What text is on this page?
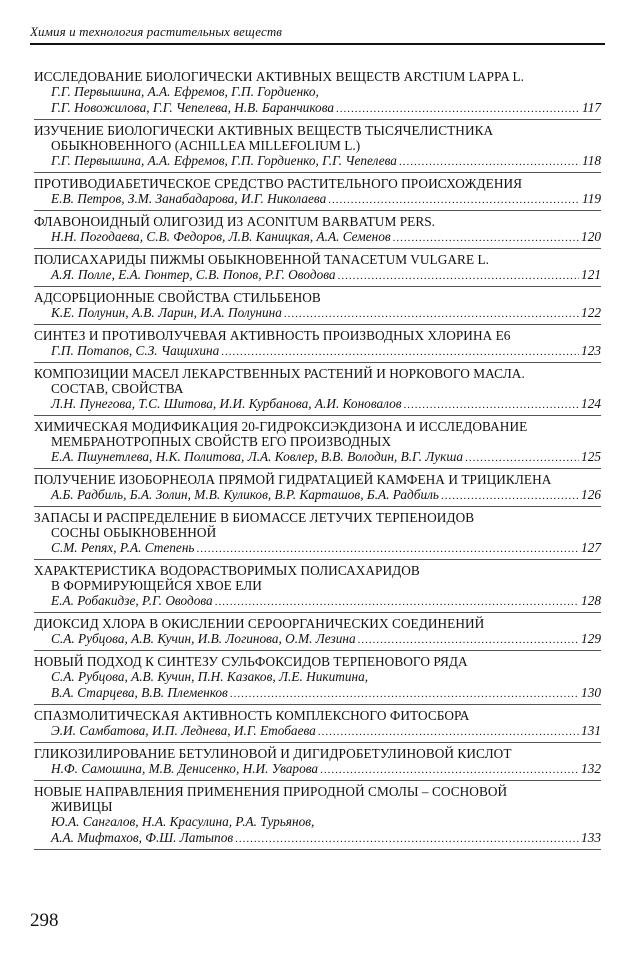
Химия и технология растительных веществ
ИССЛЕДОВАНИЕ БИОЛОГИЧЕСКИ АКТИВНЫХ ВЕЩЕСТВ ARCTIUM LAPPA L.
Г.Г. Первышина, А.А. Ефремов, Г.П. Гордиенко,
Г.Г. Новожилова, Г.Г. Чепелева, Н.В. Баранчикова .....	117
ИЗУЧЕНИЕ БИОЛОГИЧЕСКИ АКТИВНЫХ ВЕЩЕСТВ ТЫСЯЧЕЛИСТНИКА
ОБЫКНОВЕННОГО (ACHILLEA MILLEFOLIUM L.)
Г.Г. Первышина, А.А. Ефремов, Г.П. Гордиенко, Г.Г. Чепелева .....	118
ПРОТИВОДИАБЕТИЧЕСКОЕ СРЕДСТВО РАСТИТЕЛЬНОГО ПРОИСХОЖДЕНИЯ
Е.В. Петров, З.М. Занабадарова, И.Г. Николаева .....	119
ФЛАВОНОИДНЫЙ ОЛИГОЗИД ИЗ ACONITUM BARBATUM PERS.
Н.Н. Погодаева, С.В. Федоров, Л.В. Каницкая, А.А. Семенов .....	120
ПОЛИСАХАРИДЫ ПИЖМЫ ОБЫКНОВЕННОЙ TANACETUM VULGARE L.
А.Я. Полле, Е.А. Гюнтер, С.В. Попов, Р.Г. Оводова .....	121
АДСОРБЦИОННЫЕ СВОЙСТВА СТИЛЬБЕНОВ
К.Е. Полунин, А.В. Ларин, И.А. Полунина .....	122
СИНТЕЗ И ПРОТИВОЛУЧЕВАЯ АКТИВНОСТЬ ПРОИЗВОДНЫХ ХЛОРИНА Е6
Г.П. Потапов, С.З. Чащихина .....	123
КОМПОЗИЦИИ МАСЕЛ ЛЕКАРСТВЕННЫХ РАСТЕНИЙ И НОРКОВОГО МАСЛА.
СОСТАВ, СВОЙСТВА
Л.Н. Пунегова, Т.С. Шитова, И.И. Курбанова, А.И. Коновалов .....	124
ХИМИЧЕСКАЯ МОДИФИКАЦИЯ 20-ГИДРОКСИЭКДИЗОНА И ИССЛЕДОВАНИЕ
МЕМБРАНОТРОПНЫХ СВОЙСТВ ЕГО ПРОИЗВОДНЫХ
Е.А. Пшунетлева, Н.К. Политова, Л.А. Ковлер, В.В. Володин, В.Г. Лукша .....	125
ПОЛУЧЕНИЕ ИЗОБОРНЕОЛА ПРЯМОЙ ГИДРАТАЦИЕЙ КАМФЕНА И ТРИЦИКЛЕНА
А.Б. Радбиль, Б.А. Золин, М.В. Куликов, В.Р. Карташов, Б.А. Радбиль .....	126
ЗАПАСЫ И РАСПРЕДЕЛЕНИЕ В БИОМАССЕ ЛЕТУЧИХ ТЕРПЕНОИДОВ
СОСНЫ ОБЫКНОВЕННОЙ
С.М. Репях, Р.А. Степень .....	127
ХАРАКТЕРИСТИКА ВОДОРАСТВОРИМЫХ ПОЛИСАХАРИДОВ
В ФОРМИРУЮЩЕЙСЯ ХВОЕ ЕЛИ
Е.А. Робакидзе, Р.Г. Оводова .....	128
ДИОКСИД ХЛОРА В ОКИСЛЕНИИ СЕРООРГАНИЧЕСКИХ СОЕДИНЕНИЙ
С.А. Рубцова, А.В. Кучин, И.В. Логинова, О.М. Лезина .....	129
НОВЫЙ ПОДХОД К СИНТЕЗУ СУЛЬФОКСИДОВ ТЕРПЕНОВОГО РЯДА
С.А. Рубцова, А.В. Кучин, П.Н. Казаков, Л.Е. Никитина,
В.А. Старцева, В.В. Племенков .....	130
СПАЗМОЛИТИЧЕСКАЯ АКТИВНОСТЬ КОМПЛЕКСНОГО ФИТОСБОРА
Э.И. Самбатова, И.П. Леднева, И.Г. Етобаева .....	131
ГЛИКОЗИЛИРОВАНИЕ БЕТУЛИНОВОЙ И ДИГИДРОБЕТУЛИНОВОЙ КИСЛОТ
Н.Ф. Самошина, М.В. Денисенко, Н.И. Уварова .....	132
НОВЫЕ НАПРАВЛЕНИЯ ПРИМЕНЕНИЯ ПРИРОДНОЙ СМОЛЫ – СОСНОВОЙ
ЖИВИЦЫ
Ю.А. Сангалов, Н.А. Красулина, Р.А. Турьянов,
А.А. Мифтахов, Ф.Ш. Латыпов .....	133
298
